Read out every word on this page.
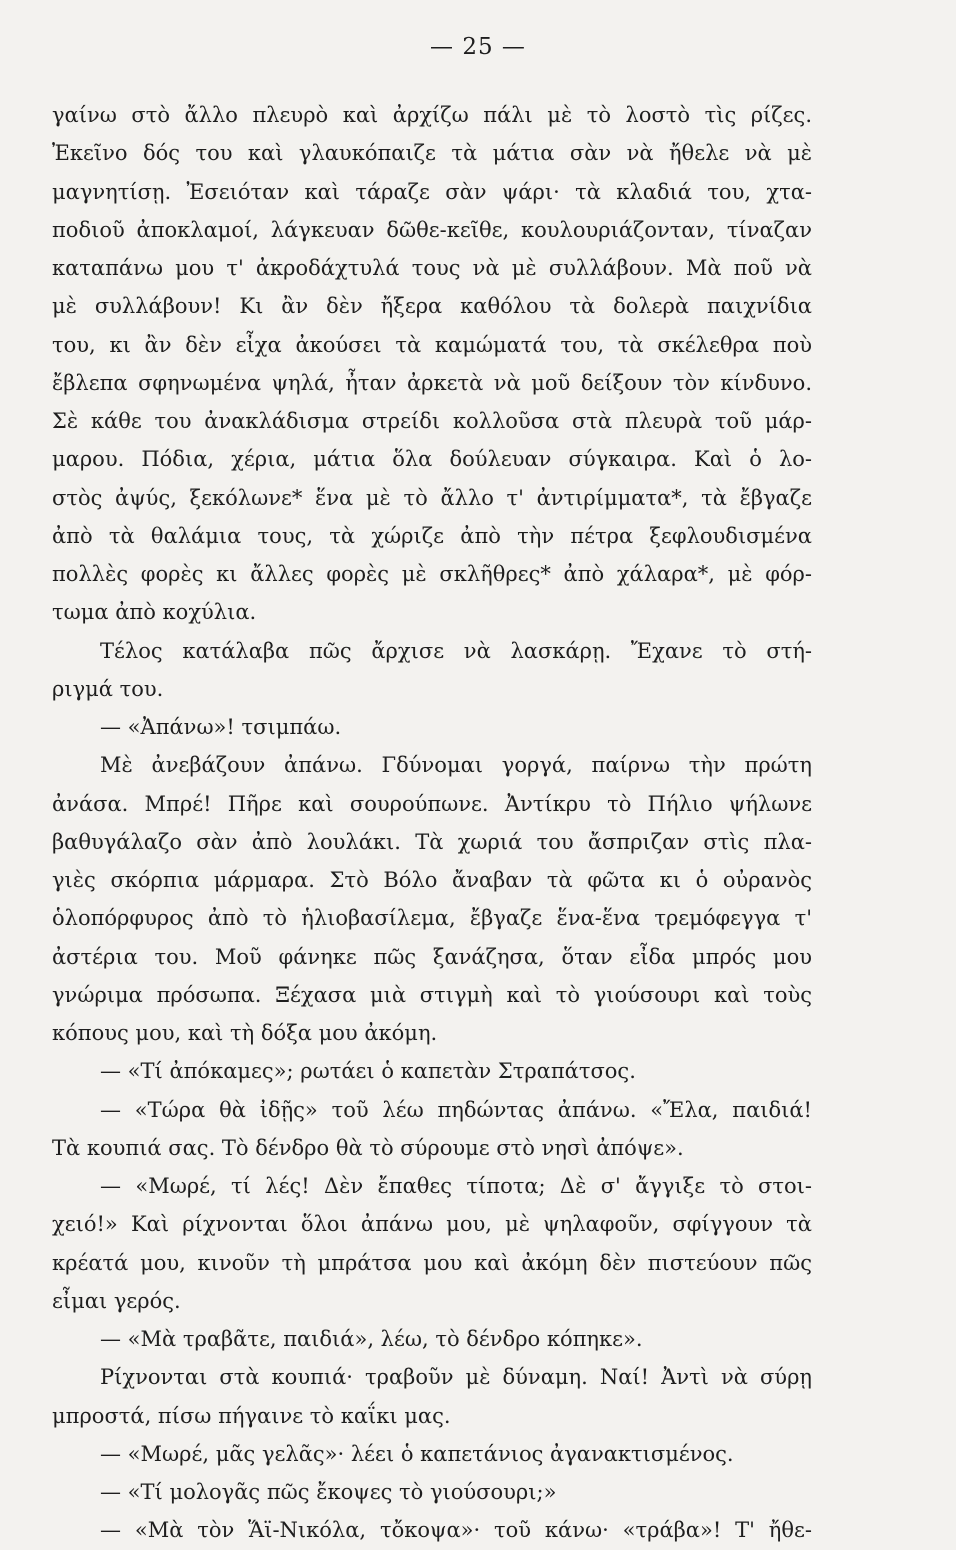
— 25 —
γαίνω στὸ ἄλλο πλευρὸ καὶ ἀρχίζω πάλι μὲ τὸ λοστὸ τὶς ρίζες.
Ἐκεῖνο δός του καὶ γλαυκόπαιζε τὰ μάτια σὰν νὰ ἤθελε νὰ μὲ
μαγνητίσῃ. Ἐσειόταν καὶ τάραζε σὰν ψάρι· τὰ κλαδιά του, χτα-
ποδιοῦ ἀποκλαμοί, λάγκευαν δῶθε-κεῖθε, κουλουριάζονταν, τίναζαν
καταπάνω μου τ' ἀκροδάχτυλά τους νὰ μὲ συλλάβουν. Μὰ ποῦ νὰ
μὲ συλλάβουν! Κι ἂν δὲν ἤξερα καθόλου τὰ δολερὰ παιχνίδια
του, κι ἂν δὲν εἶχα ἀκούσει τὰ καμώματά του, τὰ σκέλεθρα ποὺ
ἔβλεπα σφηνωμένα ψηλά, ἦταν ἀρκετὰ νὰ μοῦ δείξουν τὸν κίνδυνο.
Σὲ κάθε του ἀνακλάδισμα στρείδι κολλοῦσα στὰ πλευρὰ τοῦ μάρ-
μαρου. Πόδια, χέρια, μάτια ὅλα δούλευαν σύγκαιρα. Καὶ ὁ λο-
στὸς ἀψύς, ξεκόλωνε* ἕνα μὲ τὸ ἄλλο τ' ἀντιρίμματα*, τὰ ἔβγαζε
ἀπὸ τὰ θαλάμια τους, τὰ χώριζε ἀπὸ τὴν πέτρα ξεφλουδισμένα
πολλὲς φορὲς κι ἄλλες φορὲς μὲ σκλῆθρες* ἀπὸ χάλαρα*, μὲ φόρ-
τωμα ἀπὸ κοχύλια.
Τέλος κατάλαβα πῶς ἄρχισε νὰ λασκάρῃ. Ἔχανε τὸ στή-
ριγμά του.
— «Ἀπάνω»! τσιμπάω.
Μὲ ἀνεβάζουν ἀπάνω. Γδύνομαι γοργά, παίρνω τὴν πρώτη
ἀνάσα. Μπρέ! Πῆρε καὶ σουρούπωνε. Ἀντίκρυ τὸ Πήλιο ψήλωνε
βαθυγάλαζο σὰν ἀπὸ λουλάκι. Τὰ χωριά του ἄσπριζαν στὶς πλα-
γιὲς σκόρπια μάρμαρα. Στὸ Βόλο ἄναβαν τὰ φῶτα κι ὁ οὐρανὸς
ὁλοπόρφυρος ἀπὸ τὸ ἡλιοβασίλεμα, ἔβγαζε ἕνα-ἕνα τρεμόφεγγα τ'
ἀστέρια του. Μοῦ φάνηκε πῶς ξανάζησα, ὅταν εἶδα μπρός μου
γνώριμα πρόσωπα. Ξέχασα μιὰ στιγμὴ καὶ τὸ γιούσουρι καὶ τοὺς
κόπους μου, καὶ τὴ δόξα μου ἀκόμη.
— «Τί ἀπόκαμες»; ρωτάει ὁ καπετὰν Στραπάτσος.
— «Τώρα θὰ ἰδῇς» τοῦ λέω πηδώντας ἀπάνω. «Ἔλα, παιδιά!
Τὰ κουπιά σας. Τὸ δένδρο θὰ τὸ σύρουμε στὸ νησὶ ἀπόψε».
— «Μωρέ, τί λές! Δὲν ἔπαθες τίποτα; Δὲ σ' ἄγγιξε τὸ στοι-
χειό!» Καὶ ρίχνονται ὅλοι ἀπάνω μου, μὲ ψηλαφοῦν, σφίγγουν τὰ
κρέατά μου, κινοῦν τὴ μπράτσα μου καὶ ἀκόμη δὲν πιστεύουν πῶς
εἶμαι γερός.
— «Μὰ τραβᾶτε, παιδιά», λέω, τὸ δένδρο κόπηκε».
Ρίχνονται στὰ κουπιά· τραβοῦν μὲ δύναμη. Ναί! Ἀντὶ νὰ σύρῃ
μπροστά, πίσω πήγαινε τὸ καΐκι μας.
— «Μωρέ, μᾶς γελᾶς»· λέει ὁ καπετάνιος ἀγανακτισμένος.
— «Τί μολογᾶς πῶς ἔκοψες τὸ γιούσουρι;»
— «Μὰ τὸν Ἅϊ-Νικόλα, τὄκοψα»· τοῦ κάνω· «τράβα»! Τ' ἤθε-
